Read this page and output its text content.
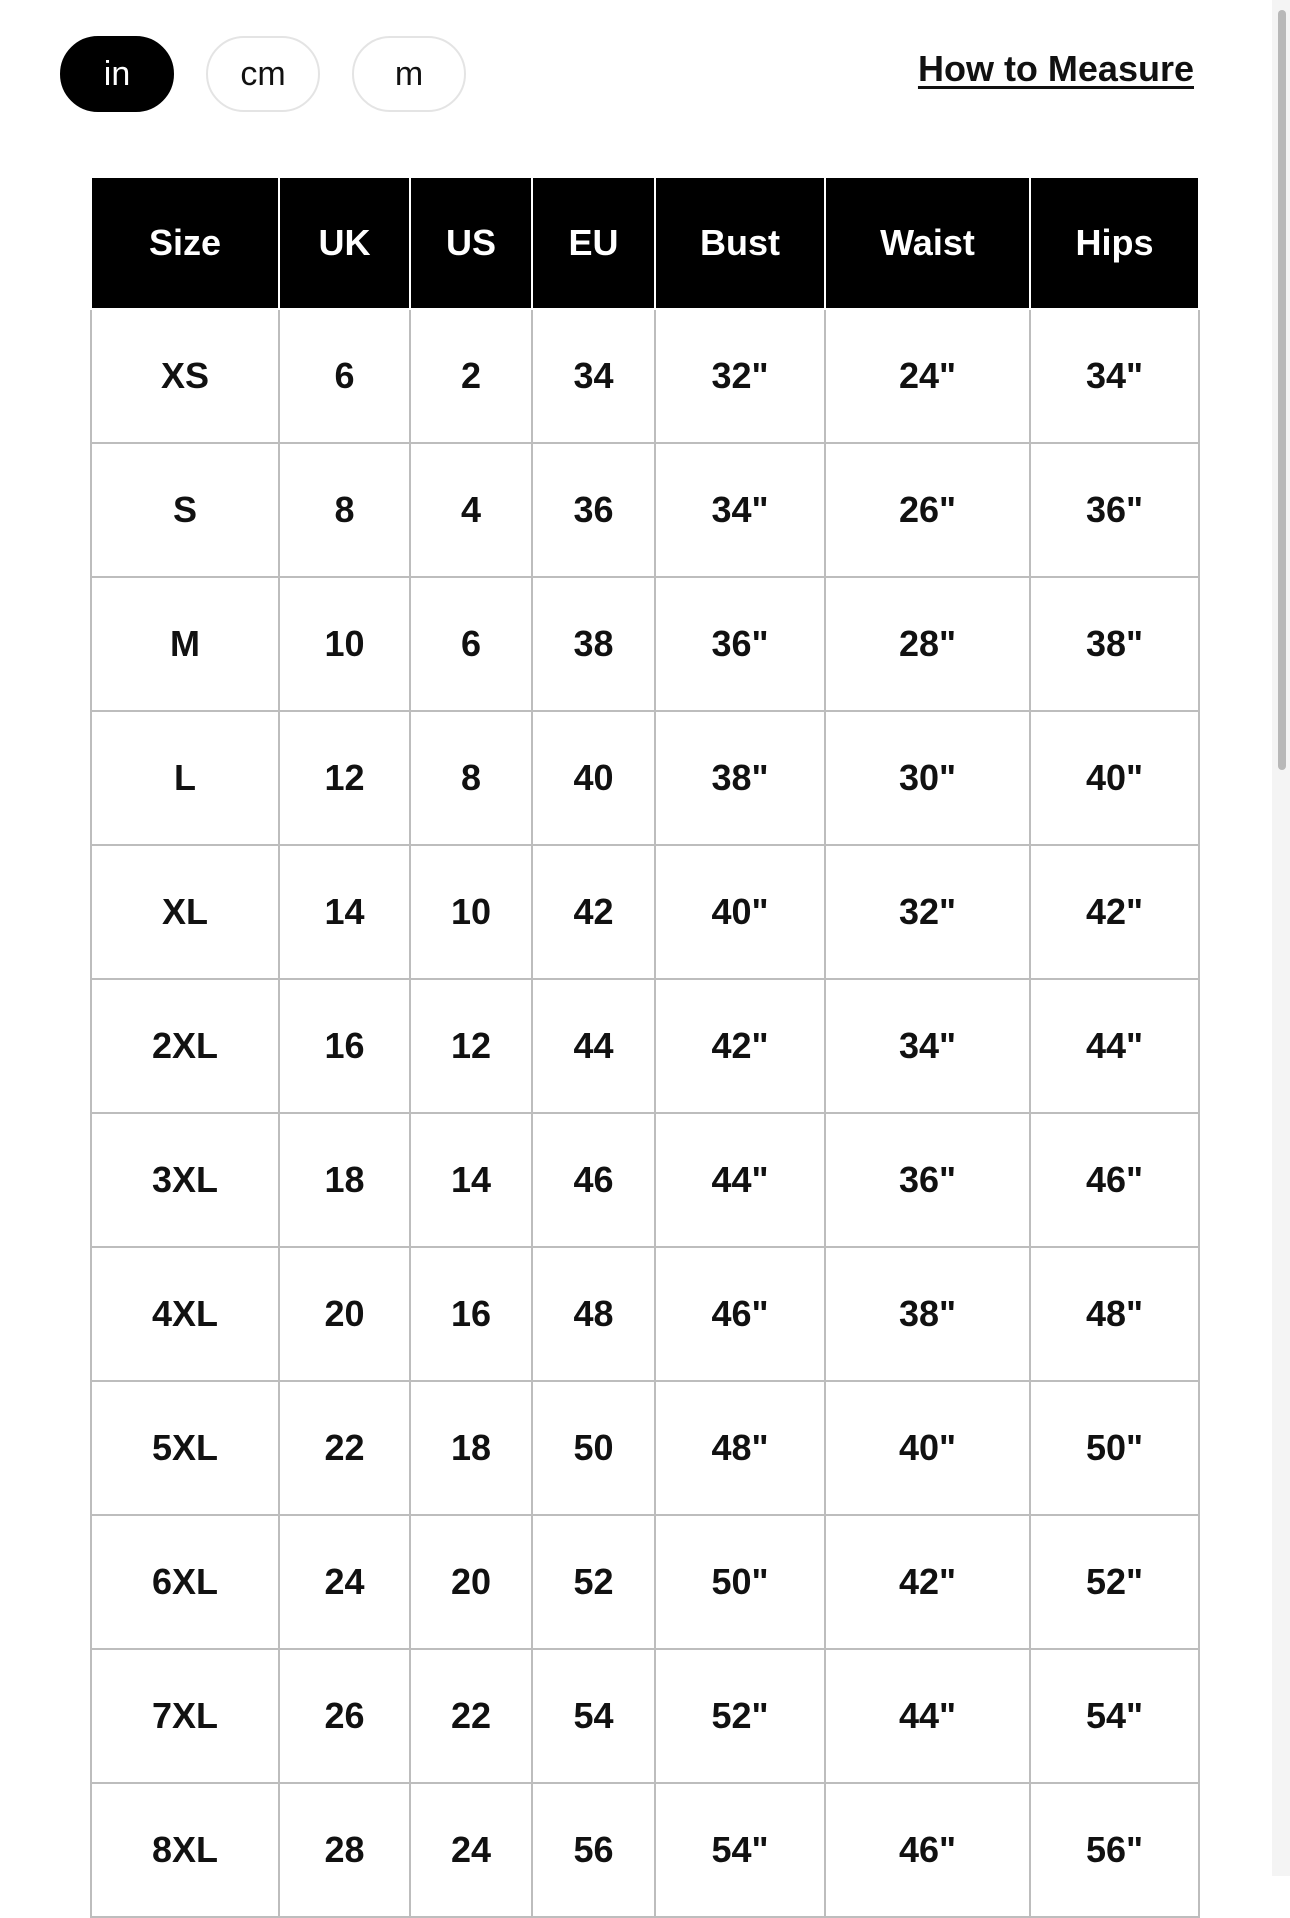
in	cm	m	How to Measure
Size	UK	US	EU	Bust	Waist	Hips
XS	6	2	34	32"	24"	34"
S	8	4	36	34"	26"	36"
M	10	6	38	36"	28"	38"
L	12	8	40	38"	30"	40"
XL	14	10	42	40"	32"	42"
2XL	16	12	44	42"	34"	44"
3XL	18	14	46	44"	36"	46"
4XL	20	16	48	46"	38"	48"
5XL	22	18	50	48"	40"	50"
6XL	24	20	52	50"	42"	52"
7XL	26	22	54	52"	44"	54"
8XL	28	24	56	54"	46"	56"
